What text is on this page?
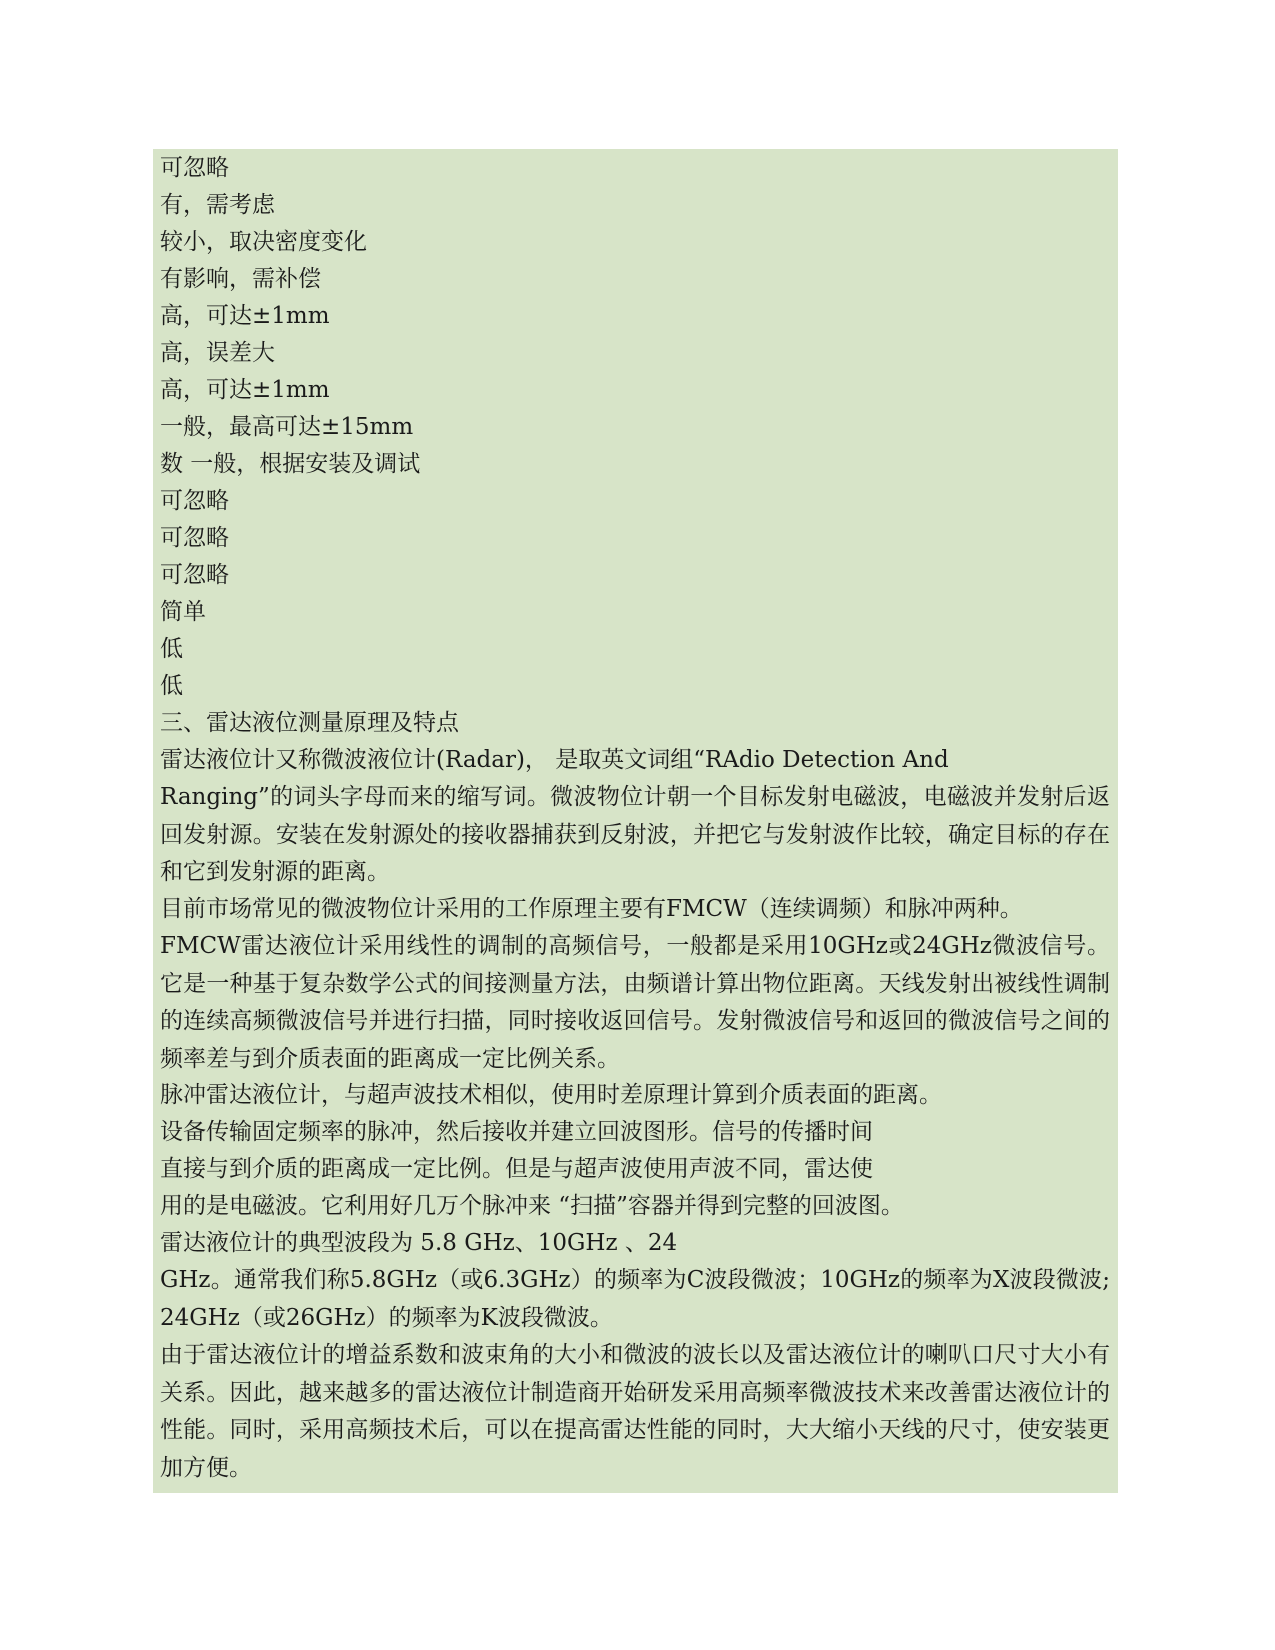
可忽略
有，需考虑
较小，取决密度变化
有影响，需补偿
高，可达±1mm
高，误差大
高，可达±1mm
一般，最高可达±15mm
数 一般，根据安装及调试
可忽略
可忽略
可忽略
简单
低
低
三、雷达液位测量原理及特点
雷达液位计又称微波液位计(Radar)， 是取英文词组“RAdio Detection And

Ranging”的词头字母而来的缩写词。微波物位计朝一个目标发射电磁波，电磁波并发射后返回发射源。安装在发射源处的接收器捕获到反射波，并把它与发射波作比较，确定目标的存在和它到发射源的距离。

目前市场常见的微波物位计采用的工作原理主要有FMCW（连续调频）和脉冲两种。

FMCW雷达液位计采用线性的调制的高频信号，一般都是采用10GHz或24GHz微波信号。它是一种基于复杂数学公式的间接测量方法，由频谱计算出物位距离。天线发射出被线性调制的连续高频微波信号并进行扫描，同时接收返回信号。发射微波信号和返回的微波信号之间的频率差与到介质表面的距离成一定比例关系。

脉冲雷达液位计，与超声波技术相似，使用时差原理计算到介质表面的距离。

设备传输固定频率的脉冲，然后接收并建立回波图形。信号的传播时间
直接与到介质的距离成一定比例。但是与超声波使用声波不同，雷达使
用的是电磁波。它利用好几万个脉冲来 “扫描”容器并得到完整的回波图。
雷达液位计的典型波段为 5.8 GHz、10GHz 、24

GHz。通常我们称5.8GHz（或6.3GHz）的频率为C波段微波；10GHz的频率为X波段微波; 24GHz（或26GHz）的频率为K波段微波。

由于雷达液位计的增益系数和波束角的大小和微波的波长以及雷达液位计的喇叭口尺寸大小有关系。因此，越来越多的雷达液位计制造商开始研发采用高频率微波技术来改善雷达液位计的性能。同时，采用高频技术后，可以在提高雷达性能的同时，大大缩小天线的尺寸，使安装更加方便。
